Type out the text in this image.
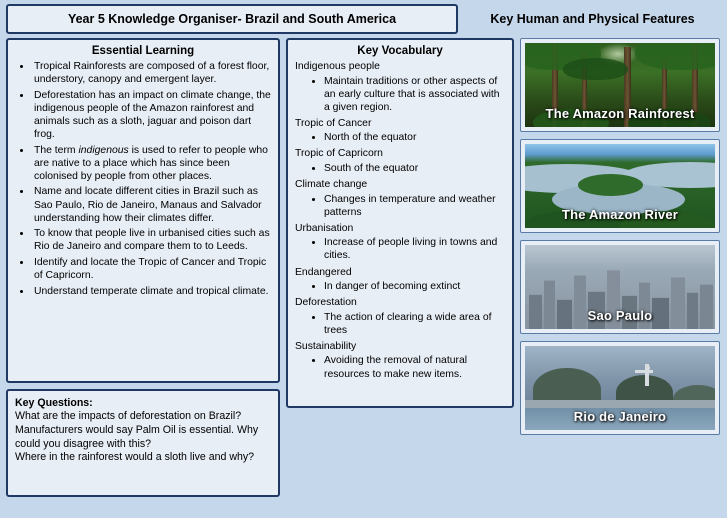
Year 5 Knowledge Organiser- Brazil and South America	Key Human and Physical Features
Essential Learning
• Tropical Rainforests are composed of a forest floor, understory, canopy and emergent layer.
• Deforestation has an impact on climate change, the indigenous people of the Amazon rainforest and animals such as a sloth, jaguar and poison dart frog.
• The term indigenous is used to refer to people who are native to a place which has since been colonised by people from other places.
• Name and locate different cities in Brazil such as Sao Paulo, Rio de Janeiro, Manaus and Salvador understanding how their climates differ.
• To know that people live in urbanised cities such as Rio de Janeiro and compare them to to Leeds.
• Identify and locate the Tropic of Cancer and Tropic of Capricorn.
• Understand temperate climate and tropical climate.

Key Questions:

What are the impacts of deforestation on Brazil?

Manufacturers would say Palm Oil is essential. Why could you disagree with this?

Where in the rainforest would a sloth live and why?

Key Vocabulary

Indigenous people

• Maintain traditions or other aspects of an early culture that is associated with a given region.

Tropic of Cancer

• North of the equator

Tropic of Capricorn

• South of the equator

Climate change

• Changes in temperature and weather patterns

Urbanisation

• Increase of people living in towns and cities.

Endangered

• In danger of becoming extinct

Deforestation

• The action of clearing a wide area of trees

Sustainability

• Avoiding the removal of natural resources to make new items.
The Amazon Rainforest
The Amazon River
Sao Paulo
Rio de Janeiro
